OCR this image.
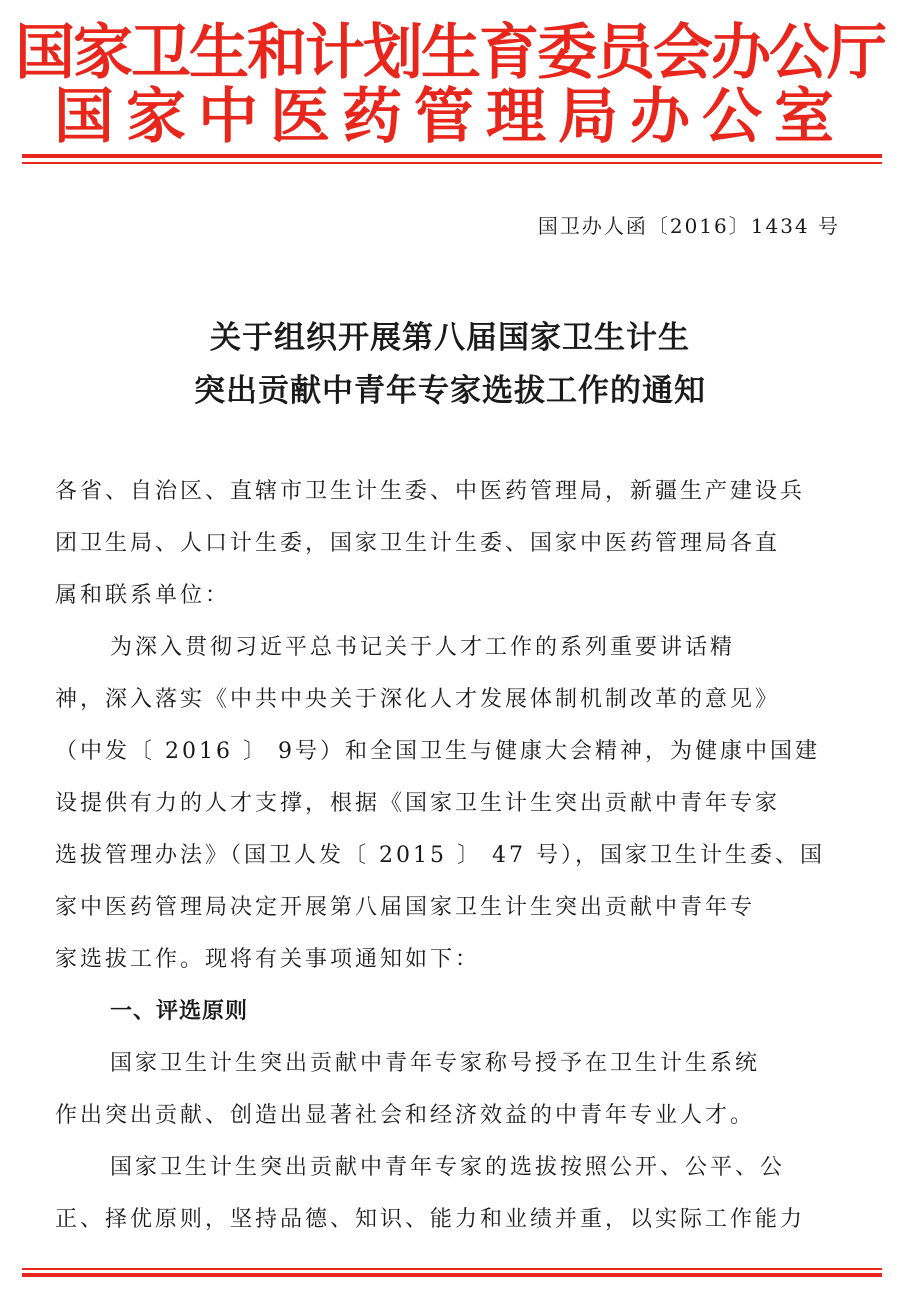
国家卫生和计划生育委员会办公厅
国家中医药管理局办公室
国卫办人函〔2016〕1434 号
关于组织开展第八届国家卫生计生
突出贡献中青年专家选拔工作的通知
各省、自治区、直辖市卫生计生委、中医药管理局，新疆生产建设兵
团卫生局、人口计生委，国家卫生计生委、国家中医药管理局各直
属和联系单位：
为深入贯彻习近平总书记关于人才工作的系列重要讲话精
神，深入落实《中共中央关于深化人才发展体制机制改革的意见》
（中发〔 2016 〕 9号）和全国卫生与健康大会精神，为健康中国建
设提供有力的人才支撑，根据《国家卫生计生突出贡献中青年专家
选拔管理办法》（国卫人发〔 2015 〕 47 号），国家卫生计生委、国
家中医药管理局决定开展第八届国家卫生计生突出贡献中青年专
家选拔工作。现将有关事项通知如下：
一、评选原则
国家卫生计生突出贡献中青年专家称号授予在卫生计生系统
作出突出贡献、创造出显著社会和经济效益的中青年专业人才。
国家卫生计生突出贡献中青年专家的选拔按照公开、公平、公
正、择优原则，坚持品德、知识、能力和业绩并重，以实际工作能力
